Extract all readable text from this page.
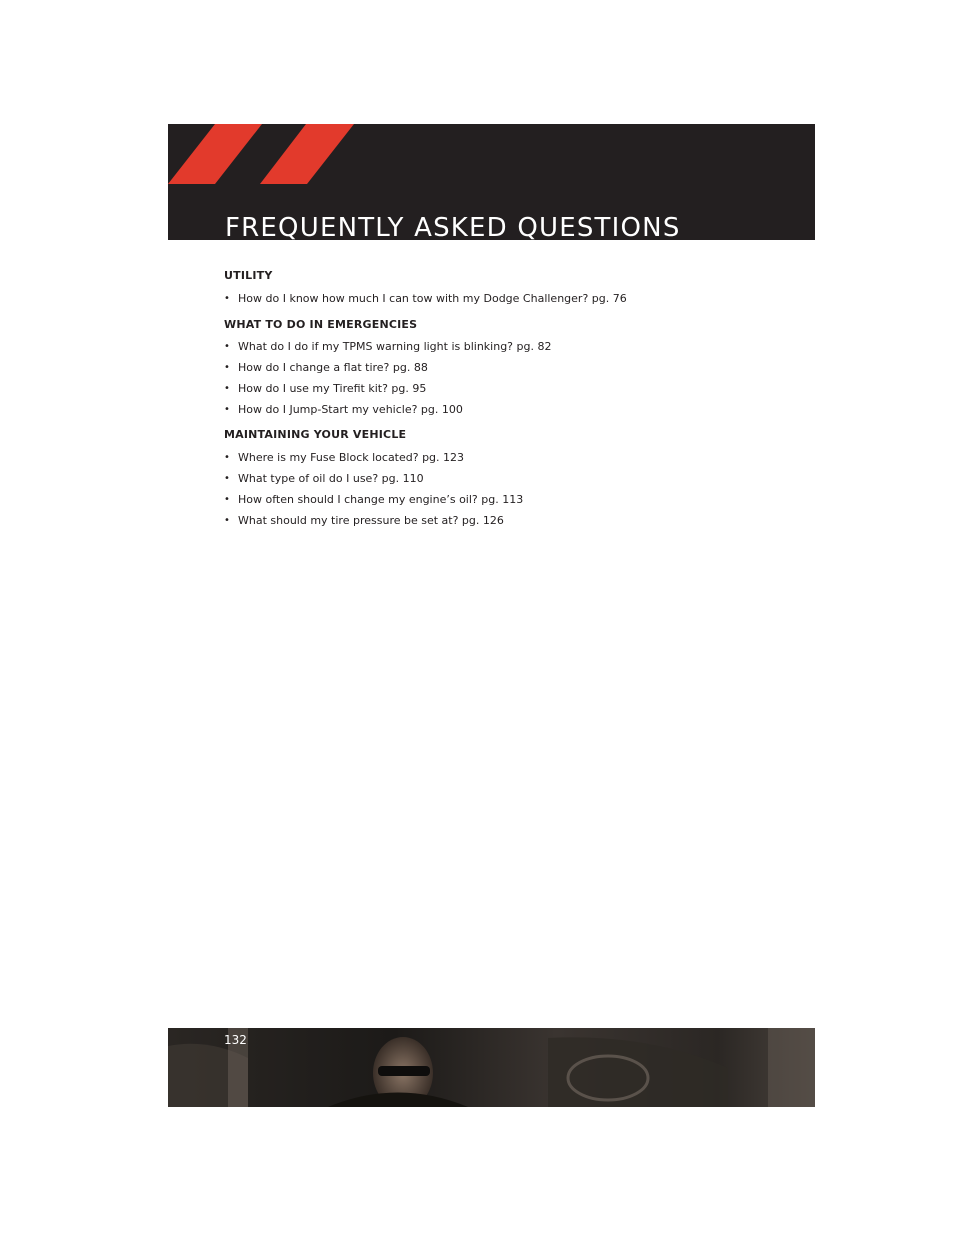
FREQUENTLY ASKED QUESTIONS
UTILITY
• How do I know how much I can tow with my Dodge Challenger? pg. 76
WHAT TO DO IN EMERGENCIES
• What do I do if my TPMS warning light is blinking? pg. 82
• How do I change a flat tire? pg. 88
• How do I use my Tirefit kit? pg. 95
• How do I Jump-Start my vehicle? pg. 100
MAINTAINING YOUR VEHICLE
• Where is my Fuse Block located? pg. 123
• What type of oil do I use? pg. 110
• How often should I change my engine’s oil? pg. 113
• What should my tire pressure be set at? pg. 126
132
